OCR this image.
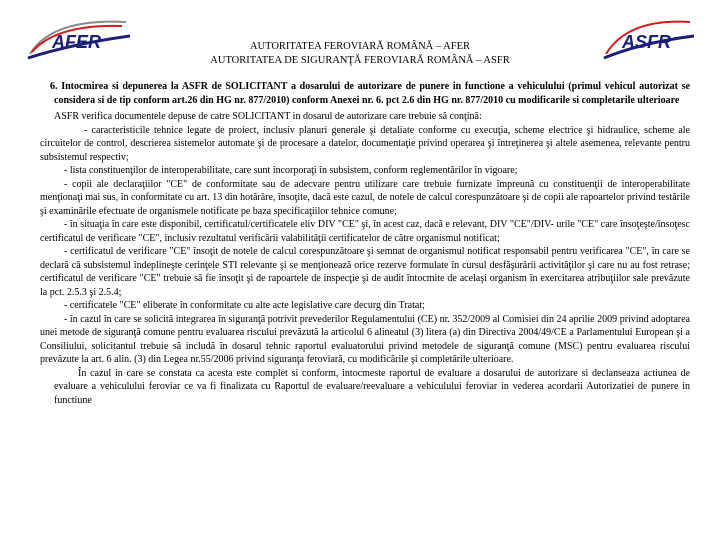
AFER	ASFR
AUTORITATEA FEROVIARĂ ROMÂNĂ – AFER
AUTORITATEA DE SIGURANŢĂ FEROVIARĂ ROMÂNĂ – ASFR

6. Intocmirea si depunerea la ASFR de SOLICITANT a dosarului de autorizare de punere in functione a vehiculului (primul vehicul autorizat se considera si de tip conform art.26 din HG nr. 877/2010) conform Anexei nr. 6. pct 2.6 din HG nr. 877/2010 cu modificarile si completarile ulterioare

ASFR verifica documentele depuse de catre SOLICITANT in dosarul de autorizare care trebuie să conţină:

- caracteristicile tehnice legate de proiect, inclusiv planuri generale şi detaliate conforme cu execuţia, scheme electrice şi hidraulice, scheme ale circuitelor de control, descrierea sistemelor automate şi de procesare a datelor, documentaţie privind operarea şi întreţinerea şi altele asemenea, relevante pentru subsistemul respectiv;

- lista constituenţilor de interoperabilitate, care sunt încorporaţi în subsistem, conform reglementărilor în vigoare;

- copii ale declaraţiilor "CE" de conformitate sau de adecvare pentru utilizare care trebuie furnizate împreună cu constituenţii de interoperabilitate menţionaţi mai sus, în conformitate cu art. 13 din hotărâre, însoţite, dacă este cazul, de notele de calcul corespunzătoare şi de copii ale rapoartelor privind testările şi examinările efectuate de organismele notificate pe baza specificaţiilor tehnice comune;

- în situaţia în care este disponibil, certificatul/certificatele eliv DIV "CE" şi, în acest caz, dacă e relevant, DIV "CE"/DIV- urile "CE" care însoţeşte/însoţesc certificatul de verificare "CE", inclusiv rezultatul verificării valabilităţii certificatelor de către organismul notificat;

- certificatul de verificare "CE" însoţit de notele de calcul corespunzătoare şi semnat de organismul notificat responsabil pentru verificarea "CE", în care se declară că subsistemul îndeplineşte cerinţele STI relevante şi se menţionează orice rezerve formulate în cursul desfăşurării activităţilor şi care nu au fost retrase; certificatul de verificare "CE" trebuie să fie însoţit şi de rapoartele de inspecţie şi de audit întocmite de acelaşi organism în exercitarea atribuţiilor sale prevăzute la pct. 2.5.3 şi 2.5.4;

- certificatele "CE" eliberate în conformitate cu alte acte legislative care decurg din Tratat;

- în cazul în care se solicită integrarea în siguranţă potrivit prevederilor Regulamentului (CE) nr. 352/2009 al Comisiei din 24 aprilie 2009 privind adoptarea unei metode de siguranţă comune pentru evaluarea riscului prevăzută la articolul 6 alineatul (3) litera (a) din Directiva 2004/49/CE a Parlamentului European şi a Consiliului, solicitantul trebuie să includă în dosarul tehnic raportul evaluatorului privind metodele de siguranţă comune (MSC) pentru evaluarea riscului prevăzute la art. 6 alin. (3) din Legea nr.55/2006 privind siguranţa feroviară, cu modificările şi completările ulterioare.

În cazul in care se constata ca acesta este complet si conform, intocmeste raportul de evaluare a dosarului de autorizare si declanseaza actiunea de evaluare a vehiculului feroviar ce va fi finalizata cu Raportul de evaluare/reevaluare a vehiculului feroviar in vederea acordarii Autorizatiei de punere in functiune
